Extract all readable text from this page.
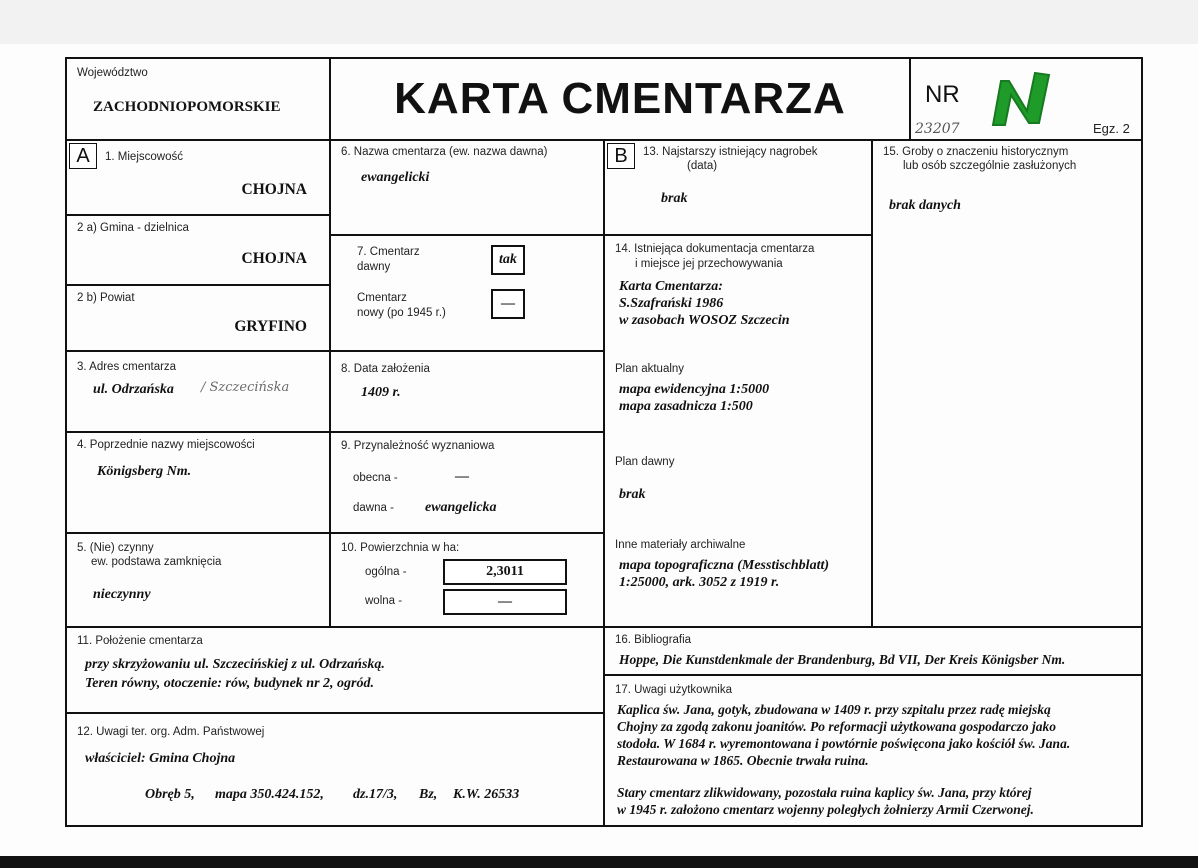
Województwo
ZACHODNIOPOMORSKIE	KARTA CMENTARZA	NR
23207	Egz. 2
A	1. Miejscowość
CHOJNA
2 a) Gmina - dzielnica
CHOJNA
2 b) Powiat
GRYFINO
3. Adres cmentarza
ul. Odrzańska / Szczecińska
4. Poprzednie nazwy miejscowości
Königsberg Nm.
5. (Nie) czynny
ew. podstawa zamknięcia
nieczynny
6. Nazwa cmentarza (ew. nazwa dawna)
ewangelicki
7. Cmentarz
dawny	tak
Cmentarz
nowy (po 1945 r.)
—
8. Data założenia
1409 r.
9. Przynależność wyznaniowa
obecna -	—
dawna - ewangelicka
10. Powierzchnia w ha:
ogólna -	2,3011
wolna -	—
11. Położenie cmentarza
przy skrzyżowaniu ul. Szczecińskiej z ul. Odrzańską.
Teren równy, otoczenie: rów, budynek nr 2, ogród.
12. Uwagi ter. org. Adm. Państwowej
właściciel: Gmina Chojna
Obręb 5, mapa 350.424.152, dz.17/3, Bz, K.W. 26533
B	13. Najstarszy istniejący nagrobek
(data)
brak
14. Istniejąca dokumentacja cmentarza
i miejsce jej przechowywania
Karta Cmentarza:
S.Szafrański 1986
w zasobach WOSOZ Szczecin
Plan aktualny
mapa ewidencyjna 1:5000
mapa zasadnicza 1:500
Plan dawny
brak
Inne materiały archiwalne
mapa topograficzna (Messtischblatt)
1:25000, ark. 3052 z 1919 r.
15. Groby o znaczeniu historycznym
lub osób szczególnie zasłużonych
brak danych
16. Bibliografia
Hoppe, Die Kunstdenkmale der Brandenburg, Bd VII, Der Kreis Königsber Nm.
17. Uwagi użytkownika
Kaplica św. Jana, gotyk, zbudowana w 1409 r. przy szpitalu przez radę miejską
Chojny za zgodą zakonu joanitów. Po reformacji użytkowana gospodarczo jako
stodoła. W 1684 r. wyremontowana i powtórnie poświęcona jako kościół św. Jana.
Restaurowana w 1865. Obecnie trwała ruina.
Stary cmentarz zlikwidowany, pozostała ruina kaplicy św. Jana, przy której
w 1945 r. założono cmentarz wojenny poległych żołnierzy Armii Czerwonej.
